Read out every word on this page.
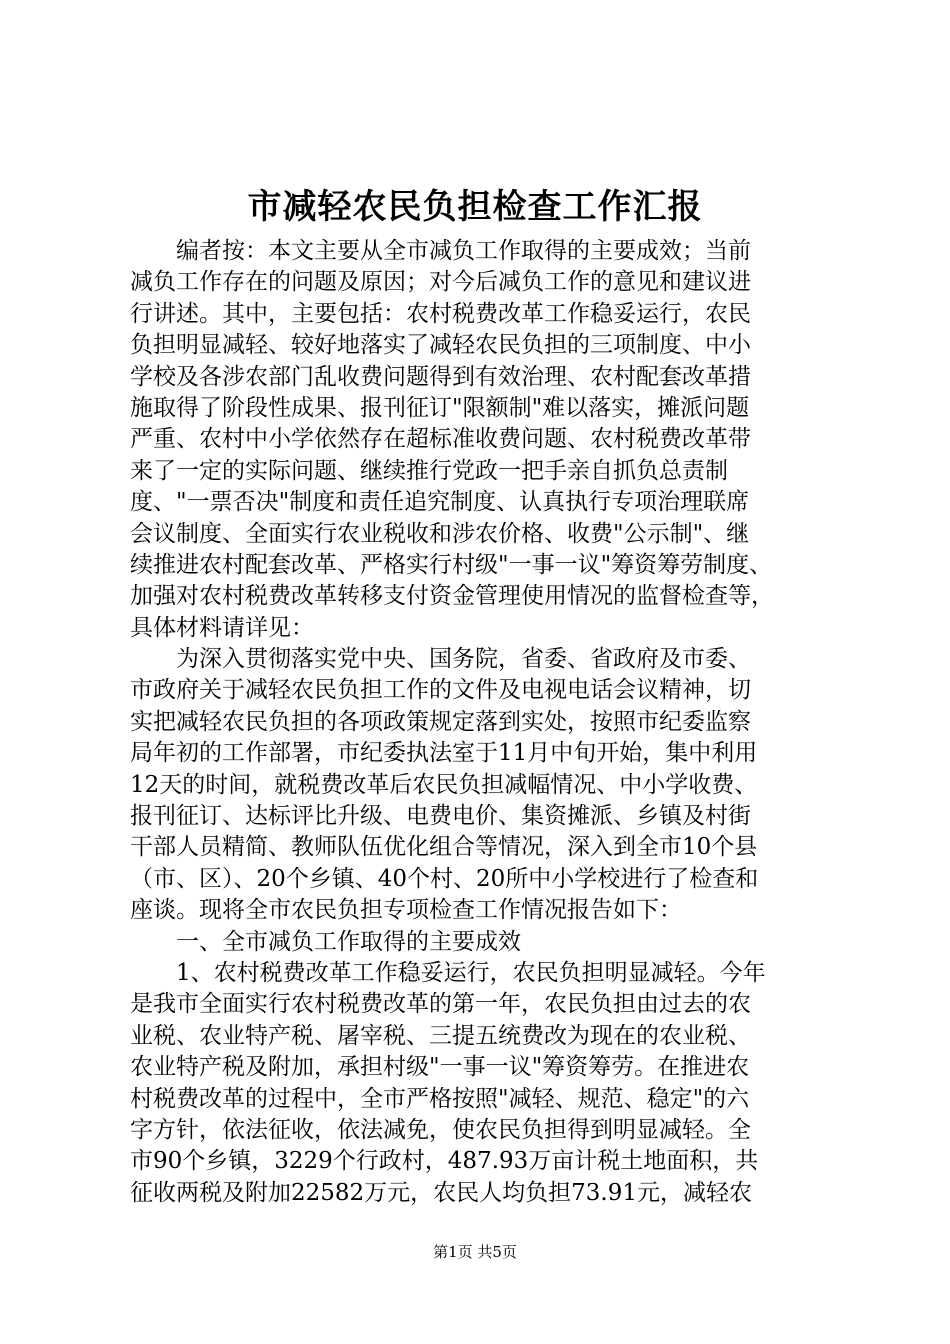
市减轻农民负担检查工作汇报
　　编者按：本文主要从全市减负工作取得的主要成效；当前
减负工作存在的问题及原因；对今后减负工作的意见和建议进
行讲述。其中，主要包括：农村税费改革工作稳妥运行，农民
负担明显减轻、较好地落实了减轻农民负担的三项制度、中小
学校及各涉农部门乱收费问题得到有效治理、农村配套改革措
施取得了阶段性成果、报刊征订"限额制"难以落实，摊派问题
严重、农村中小学依然存在超标准收费问题、农村税费改革带
来了一定的实际问题、继续推行党政一把手亲自抓负总责制
度、"一票否决"制度和责任追究制度、认真执行专项治理联席
会议制度、全面实行农业税收和涉农价格、收费"公示制"、继
续推进农村配套改革、严格实行村级"一事一议"筹资筹劳制度、
加强对农村税费改革转移支付资金管理使用情况的监督检查等，
具体材料请详见：
　　为深入贯彻落实党中央、国务院，省委、省政府及市委、
市政府关于减轻农民负担工作的文件及电视电话会议精神，切
实把减轻农民负担的各项政策规定落到实处，按照市纪委监察
局年初的工作部署，市纪委执法室于11月中旬开始，集中利用
12天的时间，就税费改革后农民负担减幅情况、中小学收费、
报刊征订、达标评比升级、电费电价、集资摊派、乡镇及村街
干部人员精简、教师队伍优化组合等情况，深入到全市10个县
（市、区）、20个乡镇、40个村、20所中小学校进行了检查和
座谈。现将全市农民负担专项检查工作情况报告如下：
　　一、全市减负工作取得的主要成效
　　1、农村税费改革工作稳妥运行，农民负担明显减轻。今年
是我市全面实行农村税费改革的第一年，农民负担由过去的农
业税、农业特产税、屠宰税、三提五统费改为现在的农业税、
农业特产税及附加，承担村级"一事一议"筹资筹劳。在推进农
村税费改革的过程中，全市严格按照"减轻、规范、稳定"的六
字方针，依法征收，依法减免，使农民负担得到明显减轻。全
市90个乡镇，3229个行政村，487.93万亩计税土地面积，共
征收两税及附加22582万元，农民人均负担73.91元，减轻农
第1页 共5页
